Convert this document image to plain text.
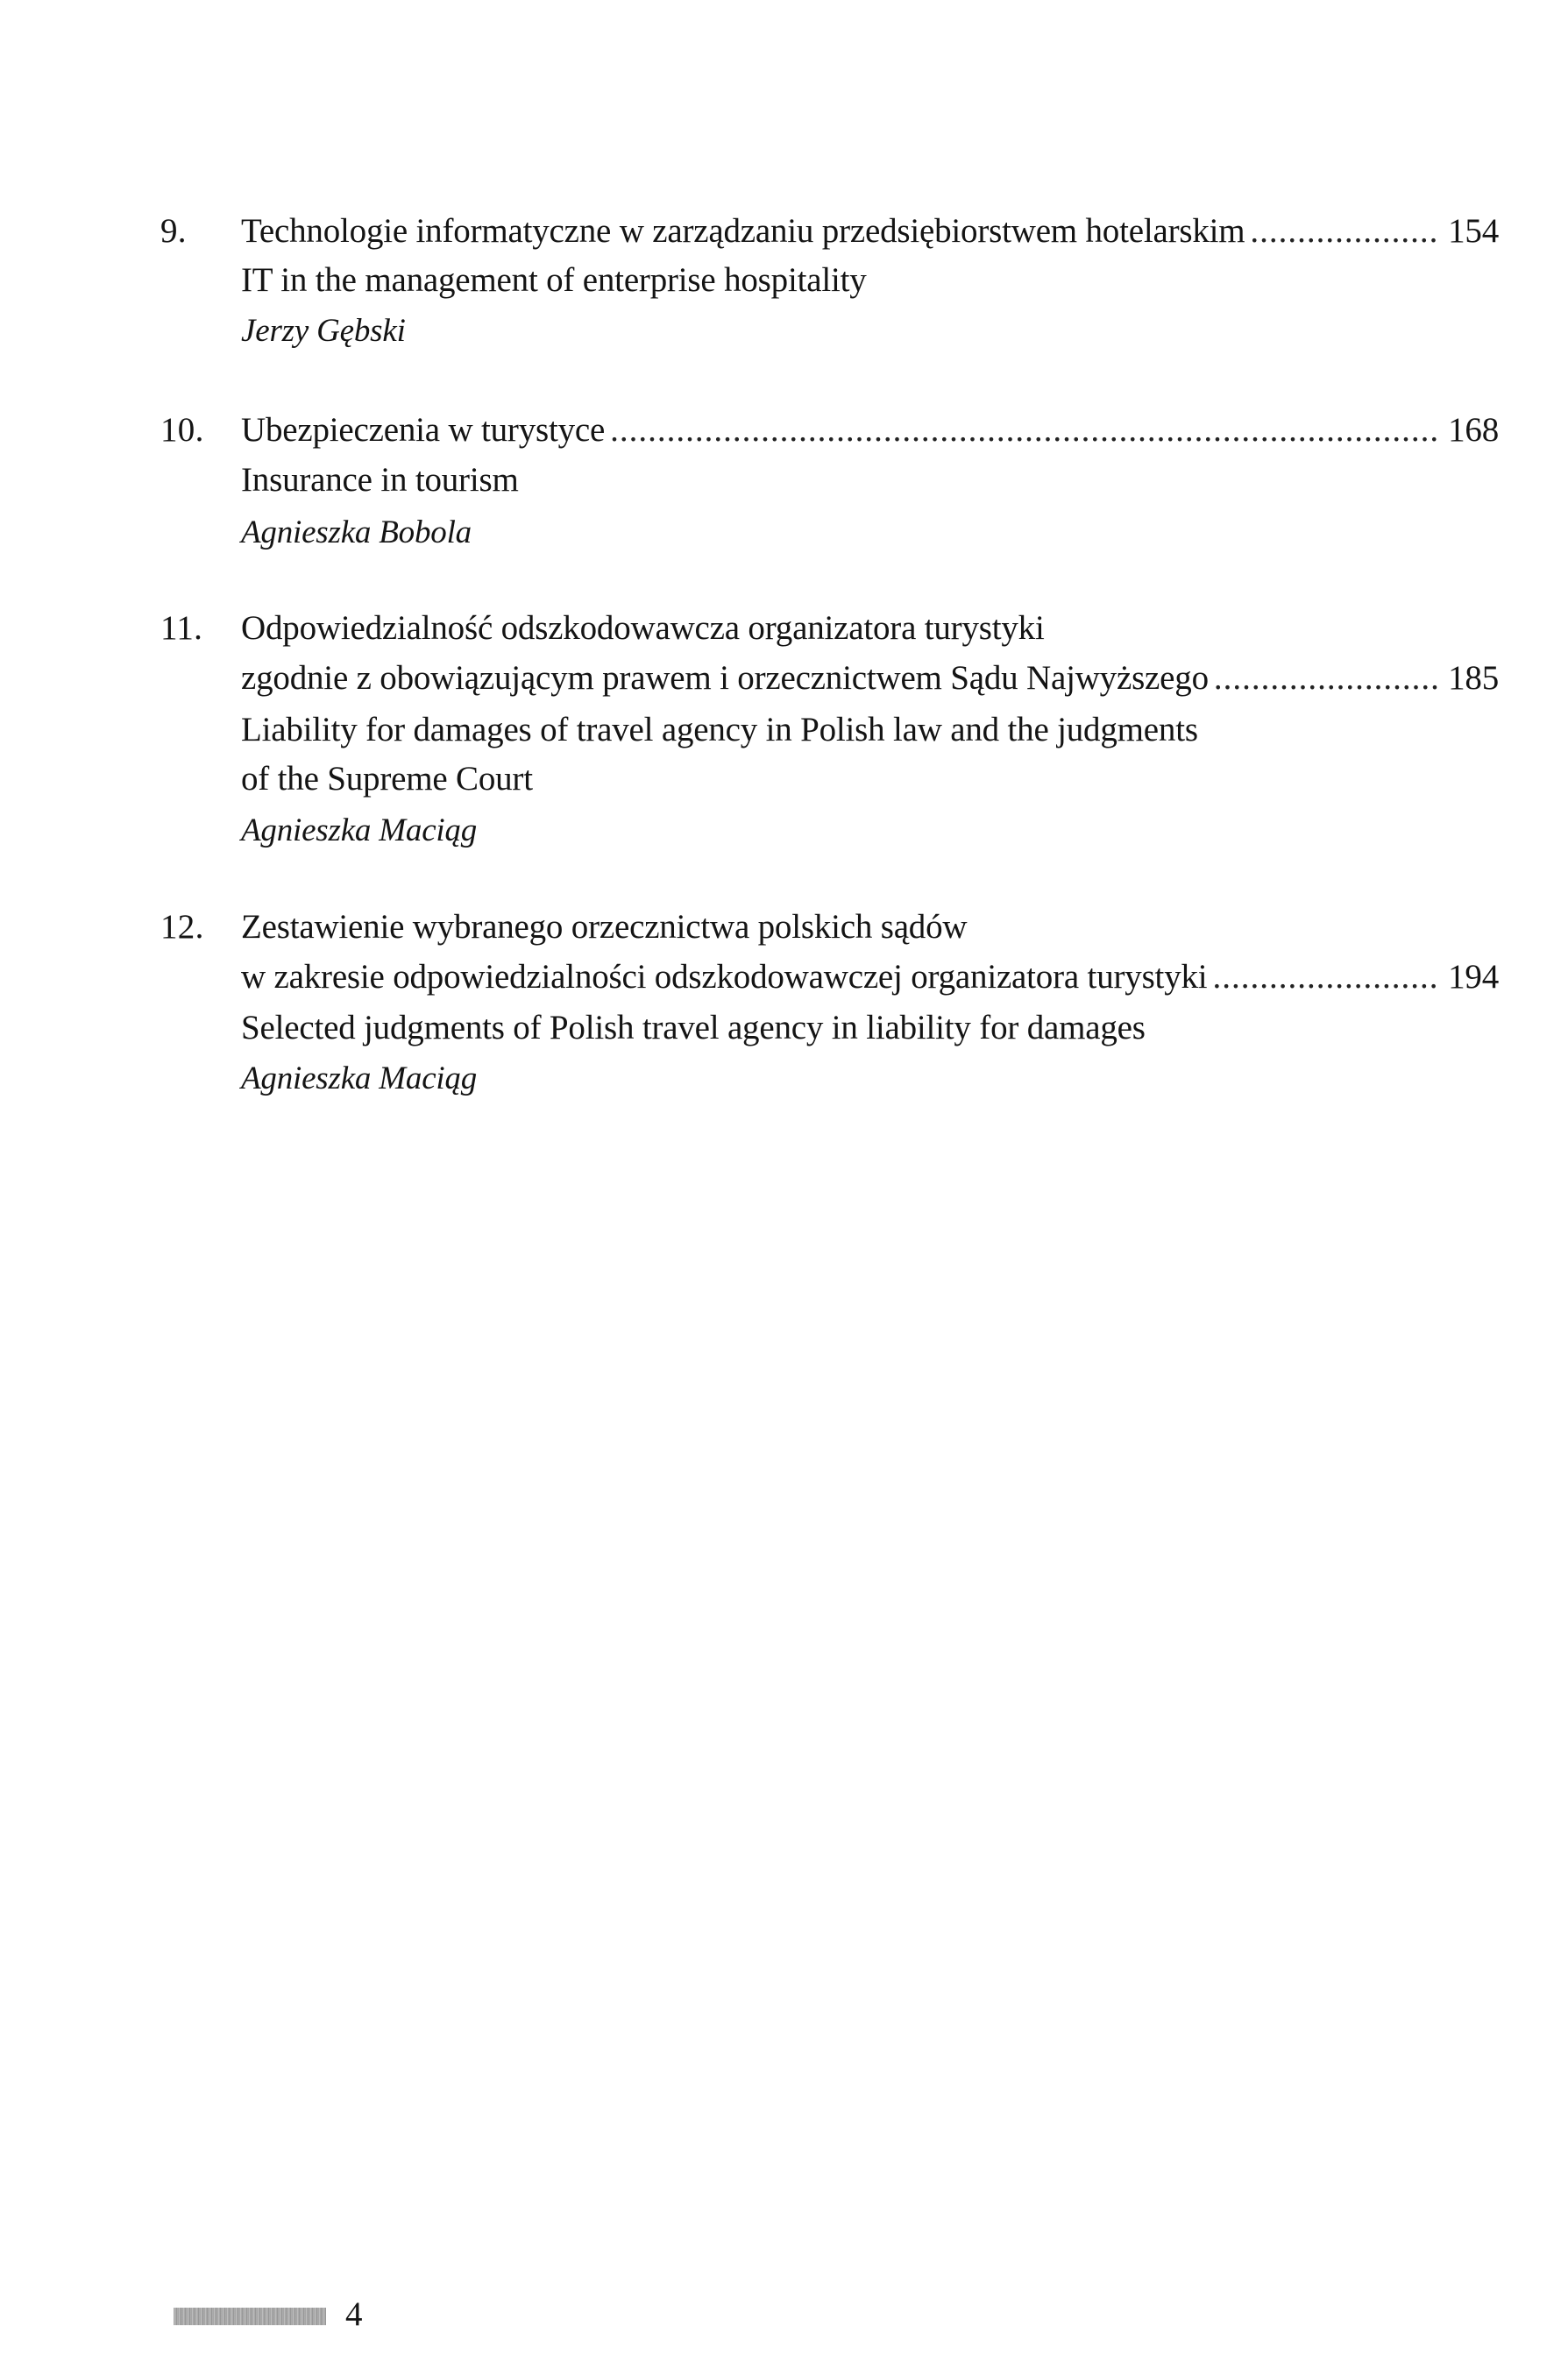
9. Technologie informatyczne w zarządzaniu przedsiębiorstwem hotelarskim .....	154
IT in the management of enterprise hospitality
Jerzy Gębski
10. Ubezpieczenia w turystyce .....	168
Insurance in tourism
Agnieszka Bobola
11. Odpowiedzialność odszkodowawcza organizatora turystyki
zgodnie z obowiązującym prawem i orzecznictwem Sądu Najwyższego .....	185
Liability for damages of travel agency in Polish law and the judgments
of the Supreme Court
Agnieszka Maciąg
12. Zestawienie wybranego orzecznictwa polskich sądów
w zakresie odpowiedzialności odszkodowawczej organizatora turystyki .....	194
Selected judgments of Polish travel agency in liability for damages
Agnieszka Maciąg
4
